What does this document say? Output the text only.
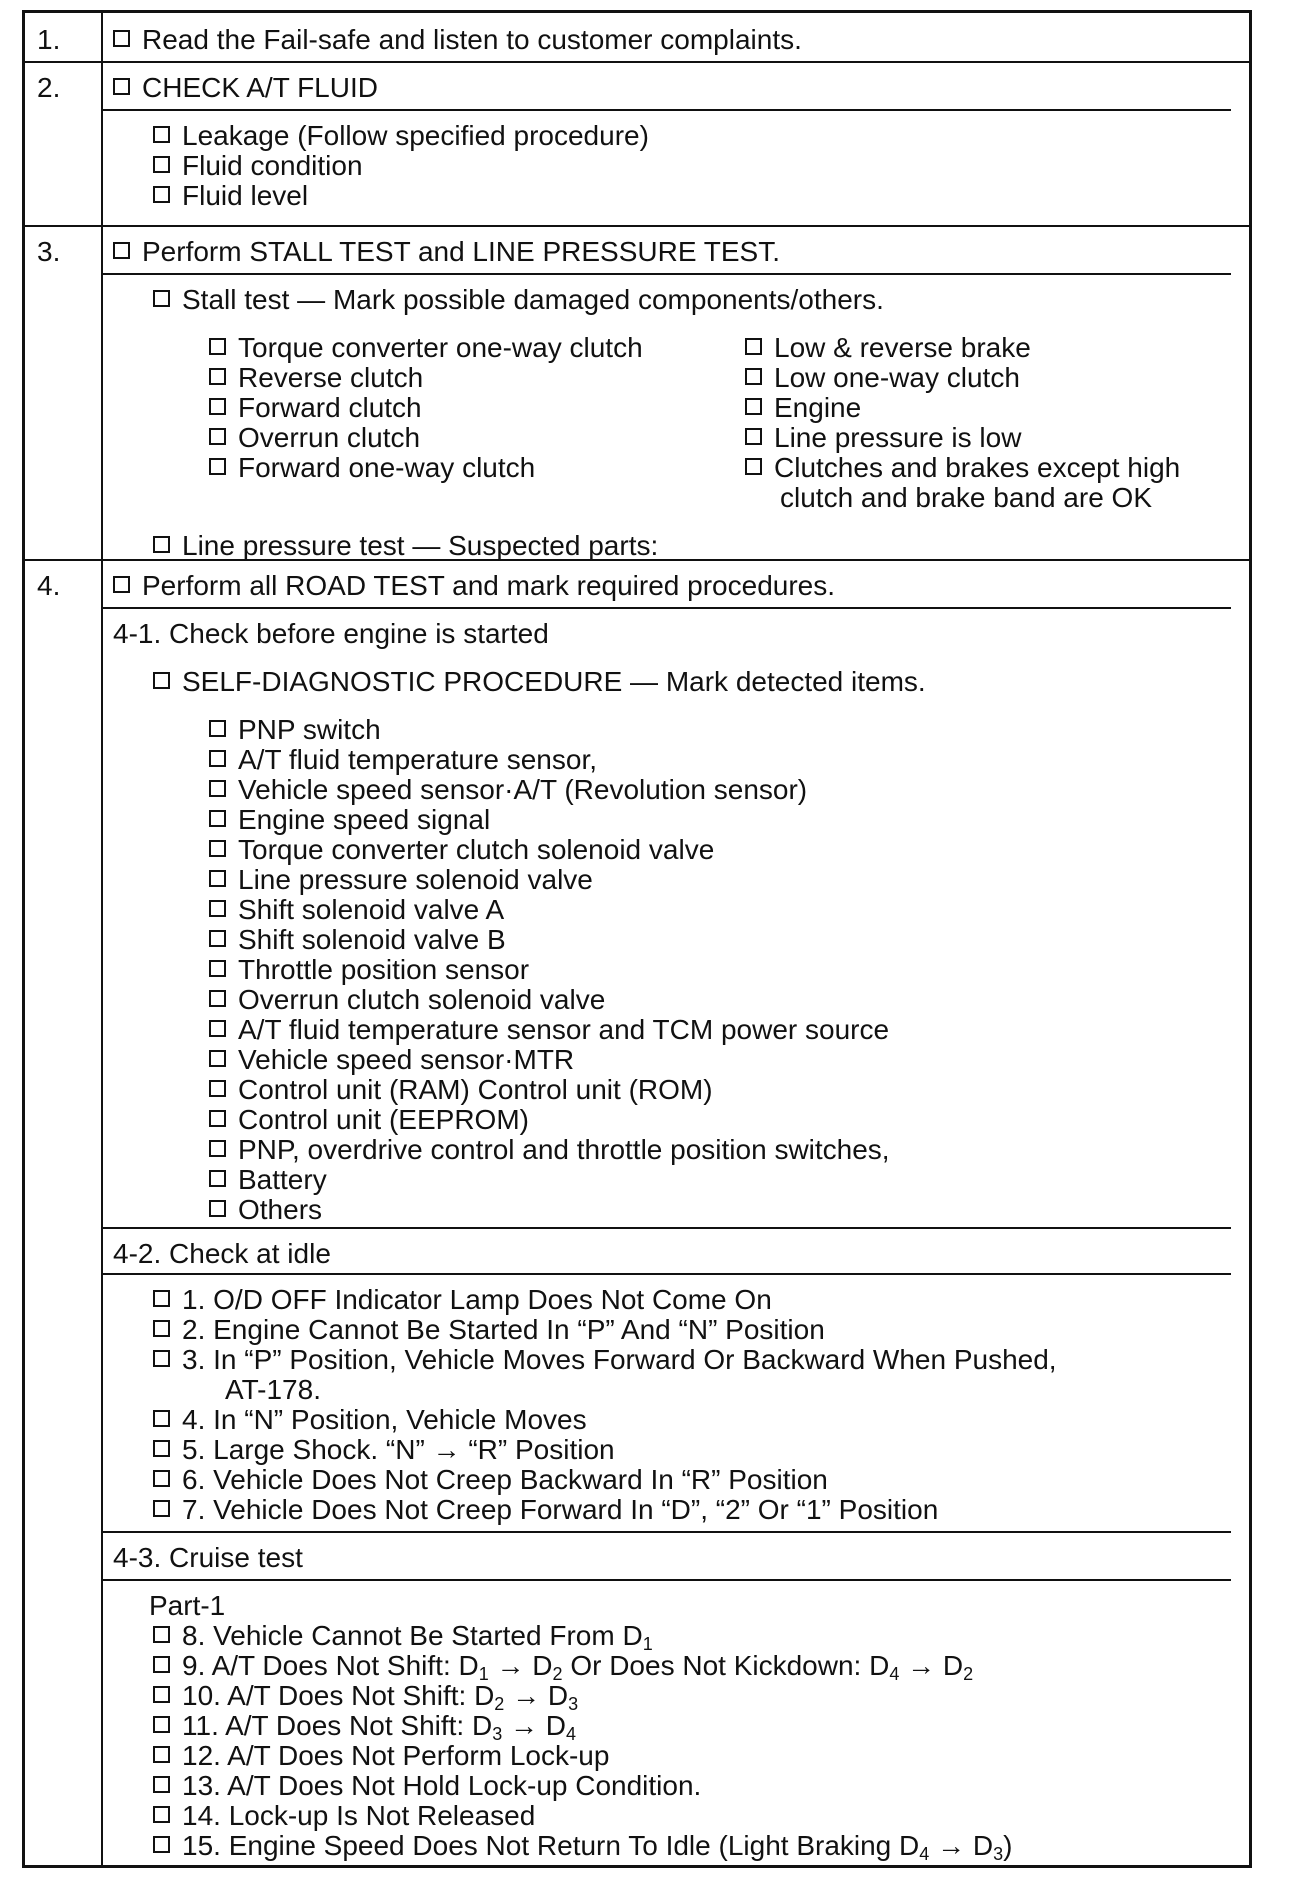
1.	Read the Fail-safe and listen to customer complaints.
2.	CHECK A/T FLUID
Leakage (Follow specified procedure)
Fluid condition
Fluid level
3.	Perform STALL TEST and LINE PRESSURE TEST.
Stall test — Mark possible damaged components/others.
Torque converter one-way clutch
Reverse clutch
Forward clutch
Overrun clutch
Forward one-way clutch
Low & reverse brake
Low one-way clutch
Engine
Line pressure is low
Clutches and brakes except high
clutch and brake band are OK
Line pressure test — Suspected parts:
4.	Perform all ROAD TEST and mark required procedures.
4-1. Check before engine is started
SELF-DIAGNOSTIC PROCEDURE — Mark detected items.
4-2. Check at idle
1. O/D OFF Indicator Lamp Does Not Come On
2. Engine Cannot Be Started In “P” And “N” Position
3. In “P” Position, Vehicle Moves Forward Or Backward When Pushed,
AT-178.
4. In “N” Position, Vehicle Moves
5. Large Shock. “N” → “R” Position
6. Vehicle Does Not Creep Backward In “R” Position
7. Vehicle Does Not Creep Forward In “D”, “2” Or “1” Position
4-3. Cruise test
Part-1
8. Vehicle Cannot Be Started From $D_1$
9. A/T Does Not Shift: $D_1 \to D_2$ Or Does Not Kickdown: $D_4 \to D_2$
10. A/T Does Not Shift: $D_2 \to D_3$
11. A/T Does Not Shift: $D_3 \to D_4$
12. A/T Does Not Perform Lock-up
13. A/T Does Not Hold Lock-up Condition.
14. Lock-up Is Not Released
15. Engine Speed Does Not Return To Idle (Light Braking $D_4 \to D_3$)
PNP switch
A/T fluid temperature sensor,
Vehicle speed sensor·A/T (Revolution sensor)
Engine speed signal
Torque converter clutch solenoid valve
Line pressure solenoid valve
Shift solenoid valve A
Shift solenoid valve B
Throttle position sensor
Overrun clutch solenoid valve
A/T fluid temperature sensor and TCM power source
Vehicle speed sensor·MTR
Control unit (RAM) Control unit (ROM)
Control unit (EEPROM)
PNP, overdrive control and throttle position switches,
Battery
Others
